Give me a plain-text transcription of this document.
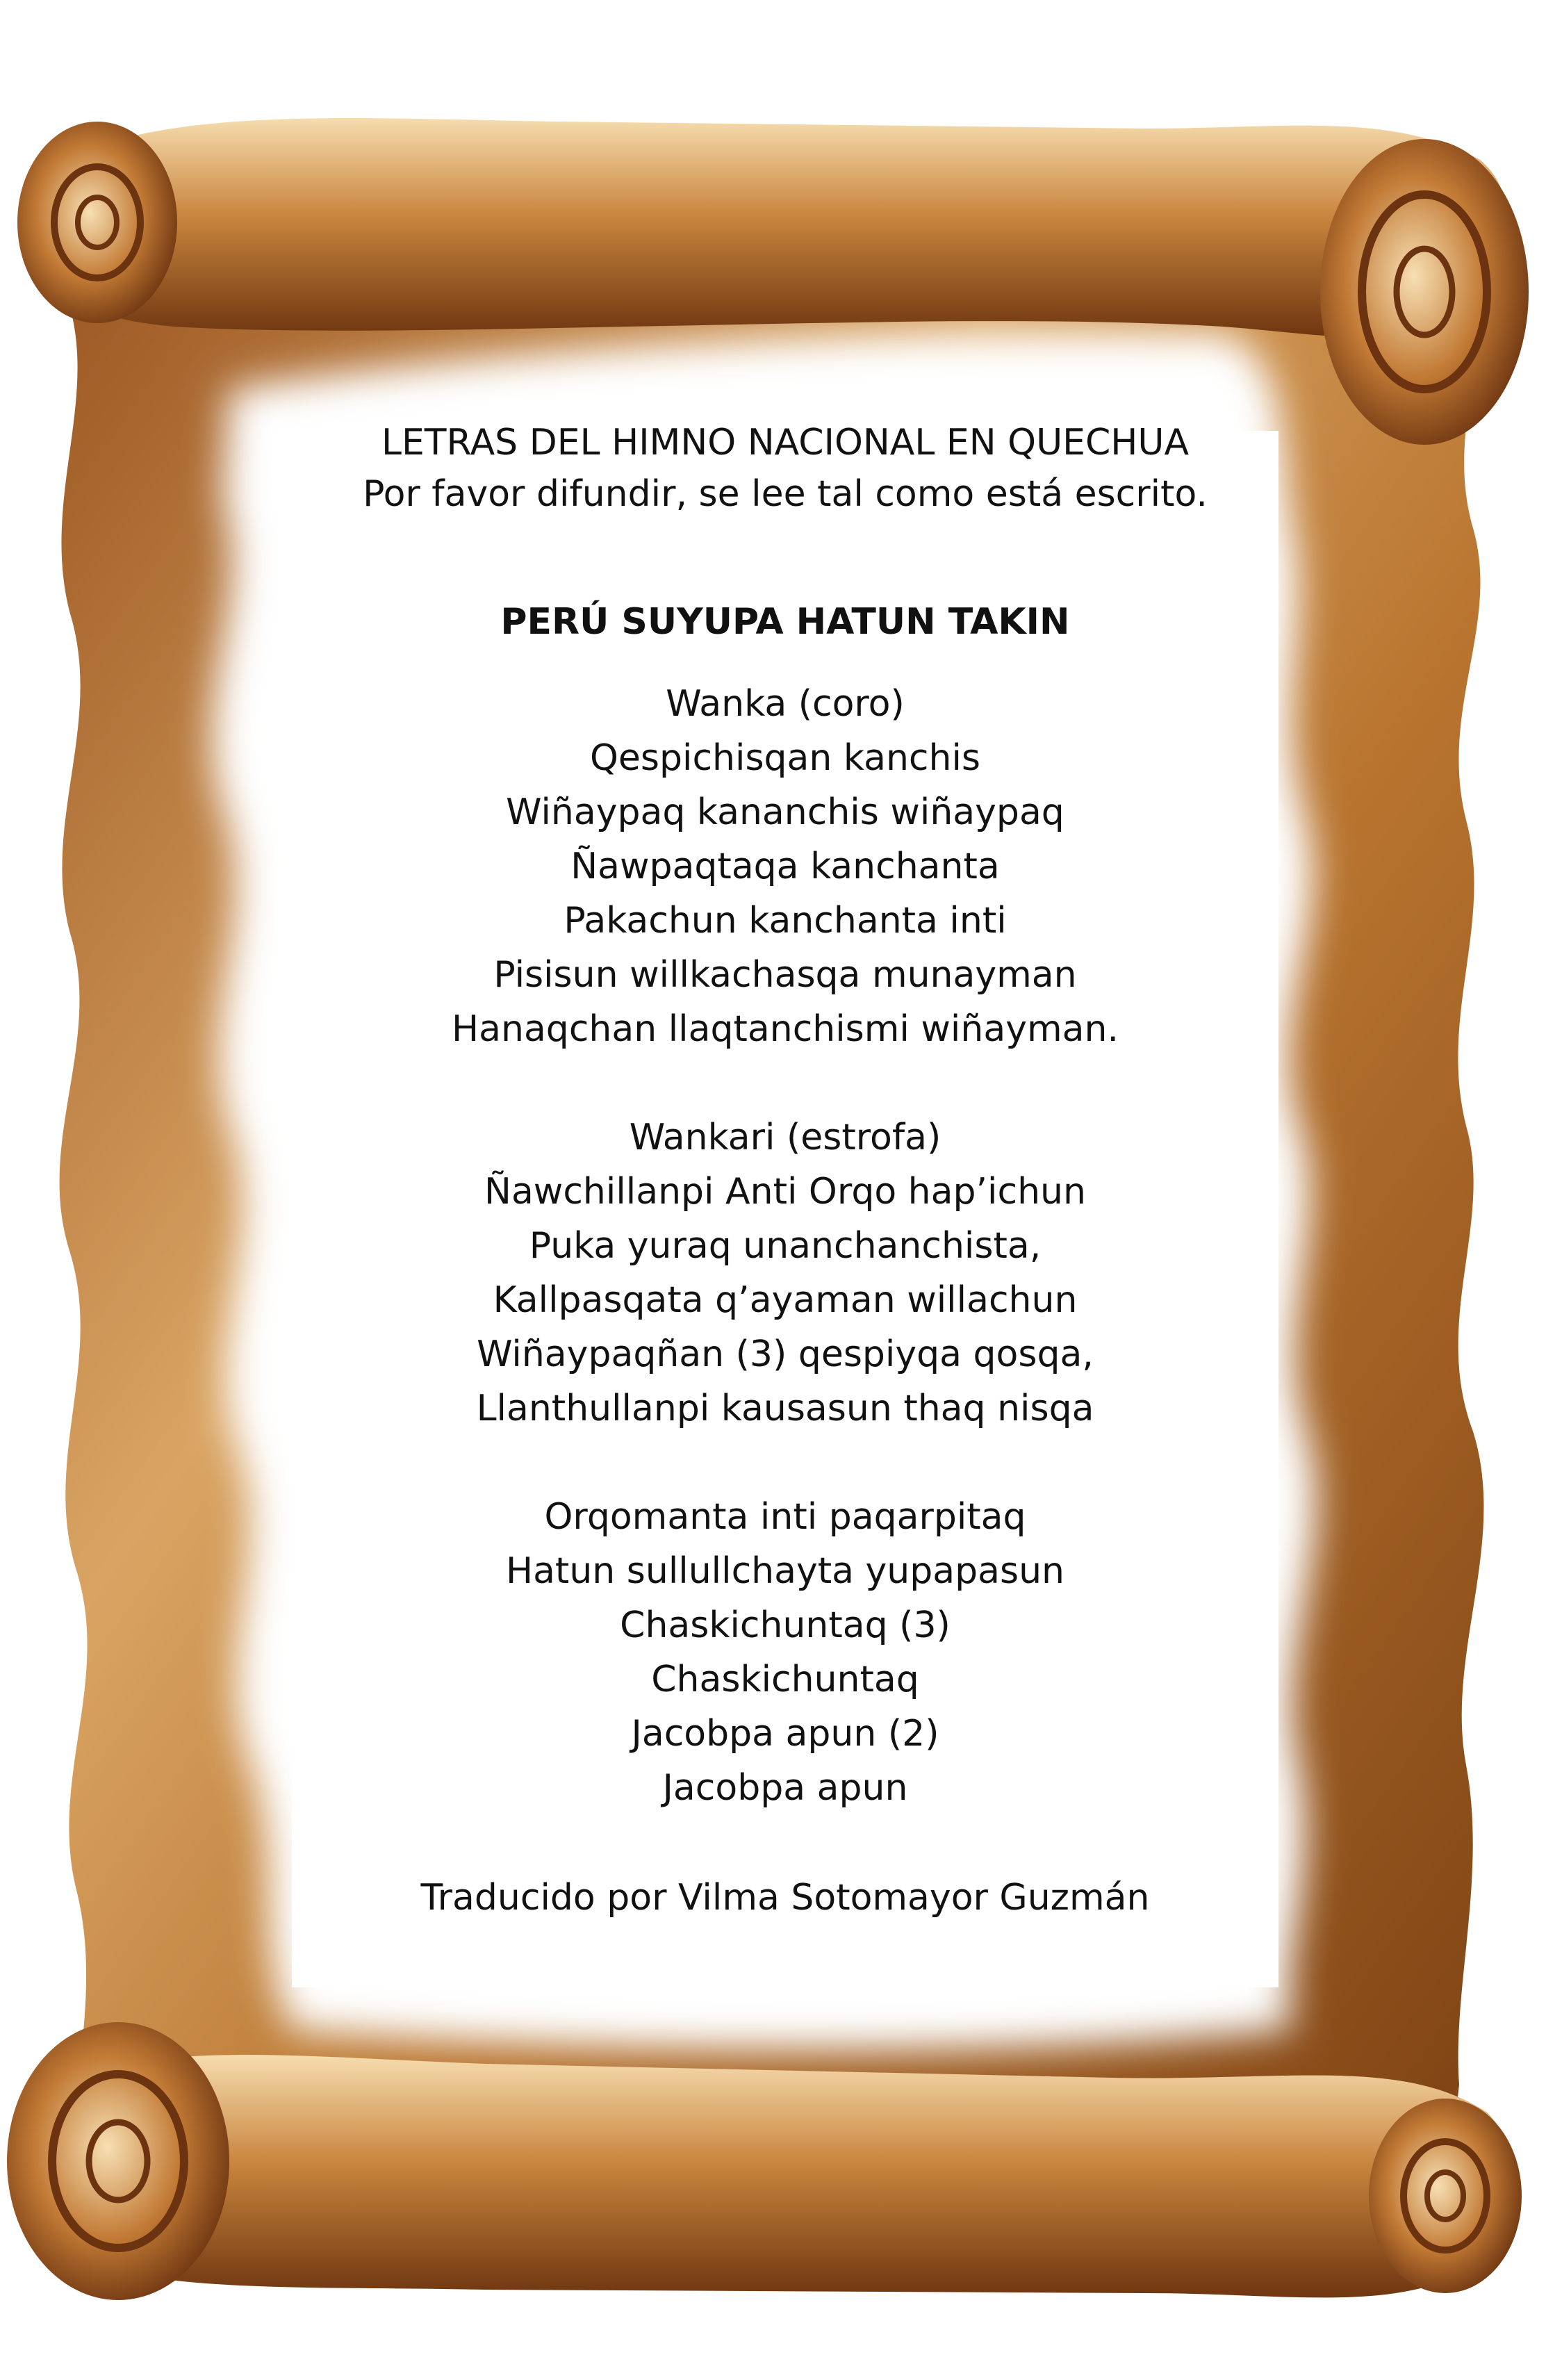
LETRAS DEL HIMNO NACIONAL EN QUECHUA
Por favor difundir, se lee tal como está escrito.
PERÚ SUYUPA HATUN TAKIN
Wanka (coro)
Qespichisqan kanchis
Wiñaypaq kananchis wiñaypaq
Ñawpaqtaqa kanchanta
Pakachun kanchanta inti
Pisisun willkachasqa munayman
Hanaqchan llaqtanchismi wiñayman.
Wankari (estrofa)
Ñawchillanpi Anti Orqo hap’ichun
Puka yuraq unanchanchista,
Kallpasqata q’ayaman willachun
Wiñaypaqñan (3) qespiyqa qosqa,
Llanthullanpi kausasun thaq nisqa
Orqomanta inti paqarpitaq
Hatun sullullchayta yupapasun
Chaskichuntaq (3)
Chaskichuntaq
Jacobpa apun (2)
Jacobpa apun
Traducido por Vilma Sotomayor Guzmán
